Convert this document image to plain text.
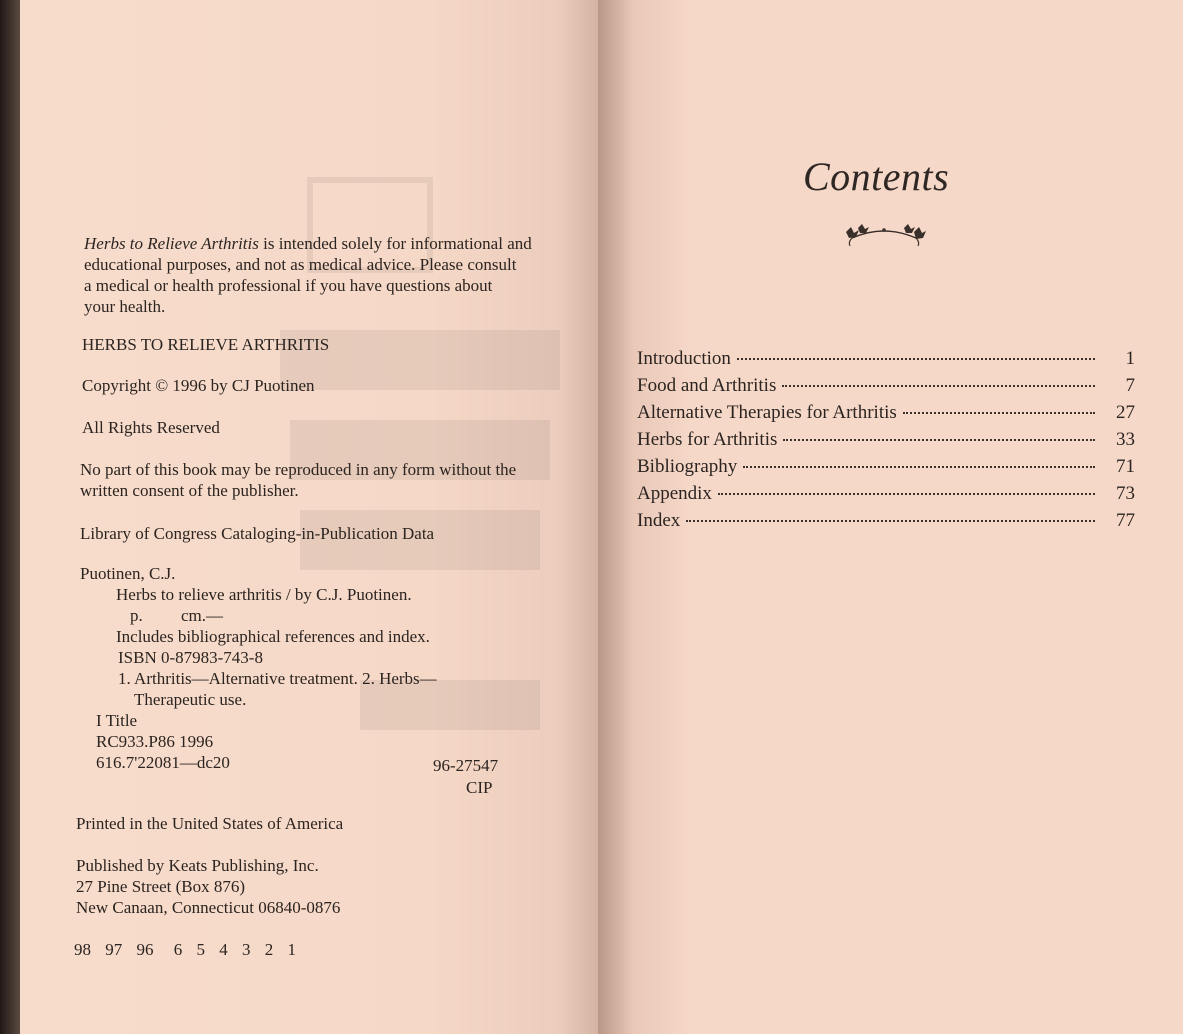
Herbs to Relieve Arthritis is intended solely for informational and
educational purposes, and not as medical advice. Please consult
a medical or health professional if you have questions about
your health.
HERBS TO RELIEVE ARTHRITIS
Copyright © 1996 by CJ Puotinen
All Rights Reserved
No part of this book may be reproduced in any form without the
written consent of the publisher.
Library of Congress Cataloging-in-Publication Data
Puotinen, C.J.
Herbs to relieve arthritis / by C.J. Puotinen.
p. cm.—
Includes bibliographical references and index.
ISBN 0-87983-743-8
1. Arthritis—Alternative treatment. 2. Herbs—
Therapeutic use.
I Title
RC933.P86 1996
616.7'22081—dc20	96-27547
CIP
Printed in the United States of America
Published by Keats Publishing, Inc.
27 Pine Street (Box 876)
New Canaan, Connecticut 06840-0876
98 97 96 6 5 4 3 2 1
Contents
Introduction	1
Food and Arthritis	7
Alternative Therapies for Arthritis	27
Herbs for Arthritis	33
Bibliography	71
Appendix	73
Index	77
